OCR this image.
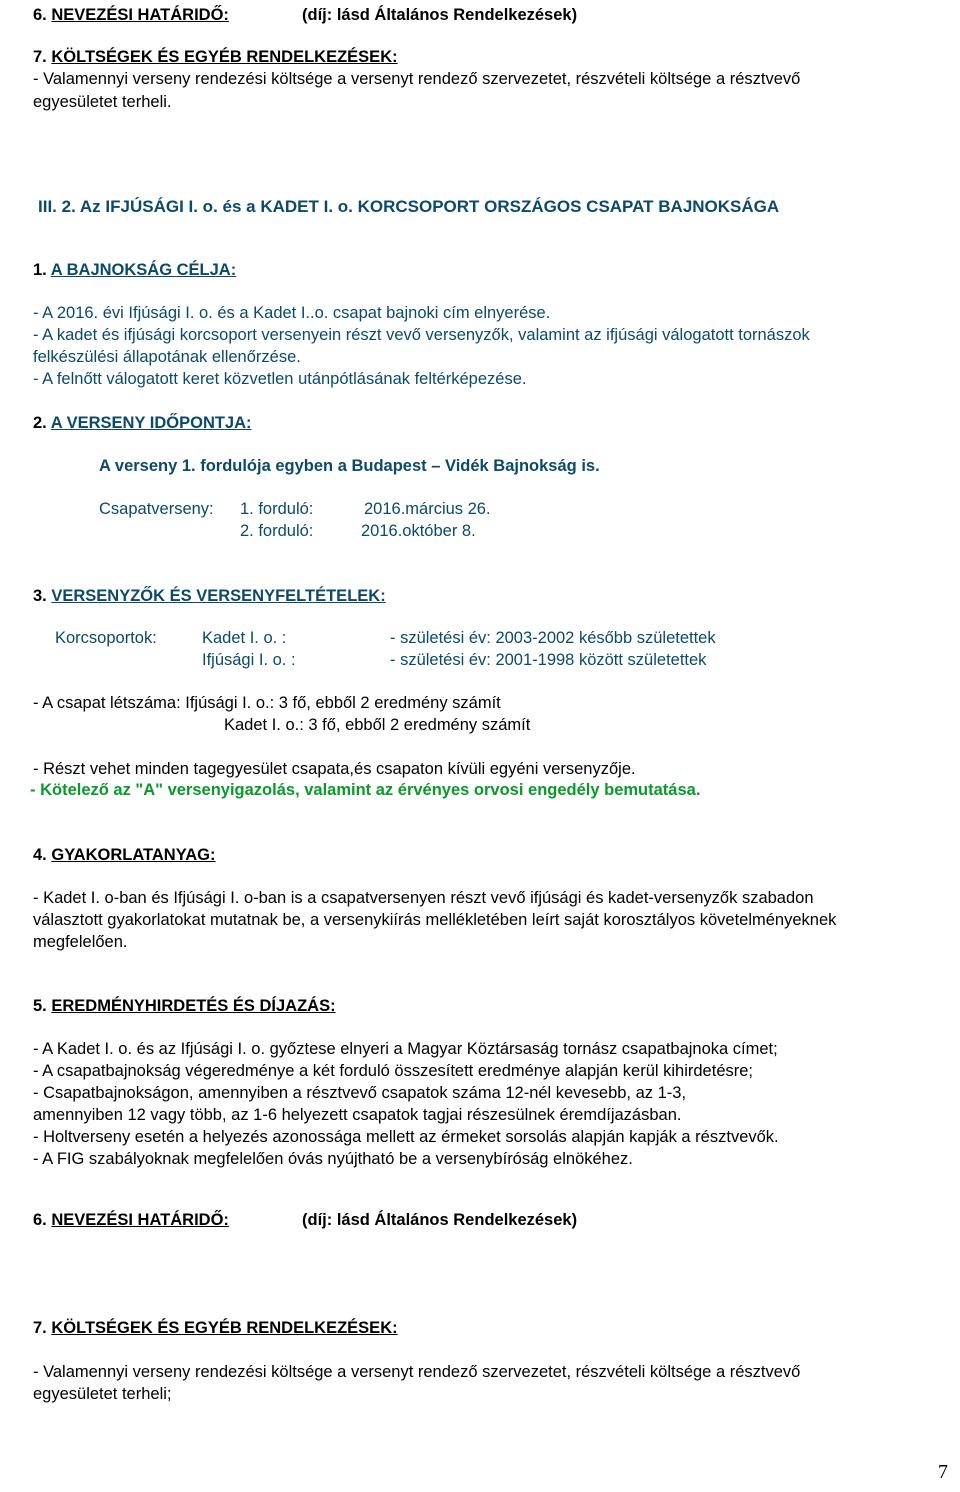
6. NEVEZÉSI HATÁRIDŐ:	(díj: lásd Általános Rendelkezések)
7. KÖLTSÉGEK ÉS EGYÉB RENDELKEZÉSEK:
- Valamennyi verseny rendezési költsége a versenyt rendező szervezetet, részvételi költsége a résztvevő
egyesületet terheli.
III. 2. Az IFJÚSÁGI I. o. és a KADET I. o. KORCSOPORT ORSZÁGOS CSAPAT BAJNOKSÁGA
1. A BAJNOKSÁG CÉLJA:
- A 2016. évi Ifjúsági I. o. és a Kadet I..o. csapat bajnoki cím elnyerése.
- A kadet és ifjúsági korcsoport versenyein részt vevő versenyzők, valamint az ifjúsági válogatott tornászok
felkészülési állapotának ellenőrzése.
- A felnőtt válogatott keret közvetlen utánpótlásának feltérképezése.
2. A VERSENY IDŐPONTJA:
A verseny 1. fordulója egyben a Budapest – Vidék Bajnokság is.
Csapatverseny: 1. forduló:	2016.március 26.
2. forduló:	2016.október 8.
3. VERSENYZŐK ÉS VERSENYFELTÉTELEK:
Korcsoportok:	Kadet I. o. :	- születési év: 2003-2002 később születettek
Ifjúsági I. o. :	- születési év: 2001-1998 között születettek
- A csapat létszáma: Ifjúsági I. o.: 3 fő, ebből 2 eredmény számít
Kadet I. o.: 3 fő, ebből 2 eredmény számít
- Részt vehet minden tagegyesület csapata,és csapaton kívüli egyéni versenyzője.
- Kötelező az "A" versenyigazolás, valamint az érvényes orvosi engedély bemutatása.
4. GYAKORLATANYAG:
- Kadet I. o-ban és Ifjúsági I. o-ban is a csapatversenyen részt vevő ifjúsági és kadet-versenyzők szabadon
választott gyakorlatokat mutatnak be, a versenykiírás mellékletében leírt saját korosztályos követelményeknek
megfelelően.
5. EREDMÉNYHIRDETÉS ÉS DÍJAZÁS:
- A Kadet I. o. és az Ifjúsági I. o. győztese elnyeri a Magyar Köztársaság tornász csapatbajnoka címet;
- A csapatbajnokság végeredménye a két forduló összesített eredménye alapján kerül kihirdetésre;
- Csapatbajnokságon, amennyiben a résztvevő csapatok száma 12-nél kevesebb, az 1-3,
amennyiben 12 vagy több, az 1-6 helyezett csapatok tagjai részesülnek éremdíjazásban.
- Holtverseny esetén a helyezés azonossága mellett az érmeket sorsolás alapján kapják a résztvevők.
- A FIG szabályoknak megfelelően óvás nyújtható be a versenybíróság elnökéhez.
6. NEVEZÉSI HATÁRIDŐ:	(díj: lásd Általános Rendelkezések)
7. KÖLTSÉGEK ÉS EGYÉB RENDELKEZÉSEK:
- Valamennyi verseny rendezési költsége a versenyt rendező szervezetet, részvételi költsége a résztvevő
egyesületet terheli;
7
